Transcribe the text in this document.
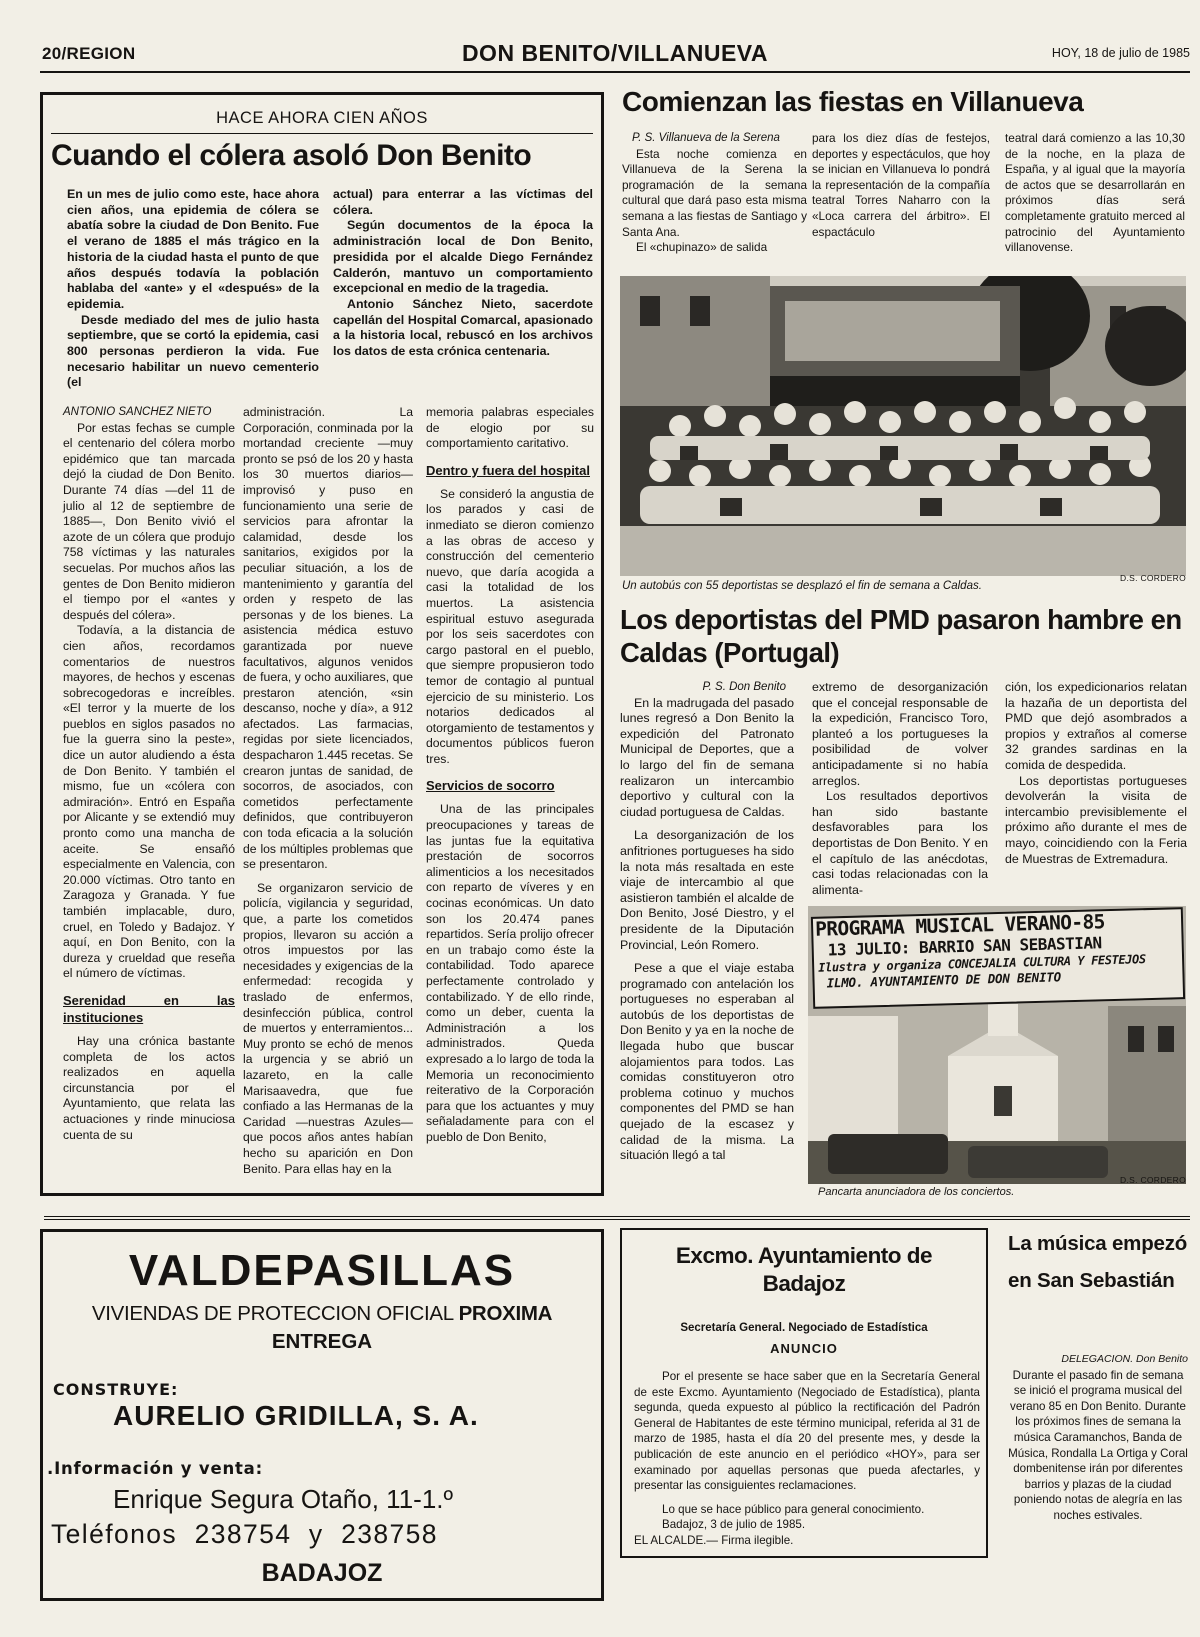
20/REGION	DON BENITO/VILLANUEVA	HOY, 18 de julio de 1985
HACE AHORA CIEN AÑOS
Cuando el cólera asoló Don Benito

En un mes de julio como este, hace ahora cien años, una epidemia de cólera se abatía sobre la ciudad de Don Benito. Fue el verano de 1885 el más trágico en la historia de la ciudad hasta el punto de que años después todavía la población hablaba del «ante» y el «después» de la epidemia.

Desde mediado del mes de julio hasta septiembre, que se cortó la epidemia, casi 800 personas perdieron la vida. Fue necesario habilitar un nuevo cementerio (el

actual) para enterrar a las víctimas del cólera.

Según documentos de la época la administración local de Don Benito, presidida por el alcalde Diego Fernández Calderón, mantuvo un comportamiento excepcional en medio de la tragedia.

Antonio Sánchez Nieto, sacerdote capellán del Hospital Comarcal, apasionado a la historia local, rebuscó en los archivos los datos de esta crónica centenaria.

ANTONIO SANCHEZ NIETO

Por estas fechas se cumple el centenario del cólera morbo epidémico que tan marcada dejó la ciudad de Don Benito. Durante 74 días —del 11 de julio al 12 de septiembre de 1885—, Don Benito vivió el azote de un cólera que produjo 758 víctimas y las naturales secuelas. Por muchos años las gentes de Don Benito midieron el tiempo por el «antes y después del cólera».

Todavía, a la distancia de cien años, recordamos comentarios de nuestros mayores, de hechos y escenas sobrecogedoras e increíbles. «El terror y la muerte de los pueblos en siglos pasados no fue la guerra sino la peste», dice un autor aludiendo a ésta de Don Benito. Y también el mismo, fue un «cólera con admiración». Entró en España por Alicante y se extendió muy pronto como una mancha de aceite. Se ensañó especialmente en Valencia, con 20.000 víctimas. Otro tanto en Zaragoza y Granada. Y fue también implacable, duro, cruel, en Toledo y Badajoz. Y aquí, en Don Benito, con la dureza y crueldad que reseña el número de víctimas.

Serenidad en las instituciones

Hay una crónica bastante completa de los actos realizados en aquella circunstancia por el Ayuntamiento, que relata las actuaciones y rinde minuciosa cuenta de su

administración. La Corporación, conminada por la mortandad creciente —muy pronto se psó de los 20 y hasta los 30 muertos diarios— improvisó y puso en funcionamiento una serie de servicios para afrontar la calamidad, desde los sanitarios, exigidos por la peculiar situación, a los de mantenimiento y garantía del orden y respeto de las personas y de los bienes. La asistencia médica estuvo garantizada por nueve facultativos, algunos venidos de fuera, y ocho auxiliares, que prestaron atención, «sin descanso, noche y día», a 912 afectados. Las farmacias, regidas por siete licenciados, despacharon 1.445 recetas. Se crearon juntas de sanidad, de socorros, de asociados, con cometidos perfectamente definidos, que contribuyeron con toda eficacia a la solución de los múltiples problemas que se presentaron.

Se organizaron servicio de policía, vigilancia y seguridad, que, a parte los cometidos propios, llevaron su acción a otros impuestos por las necesidades y exigencias de la enfermedad: recogida y traslado de enfermos, desinfección pública, control de muertos y enterramientos... Muy pronto se echó de menos la urgencia y se abrió un lazareto, en la calle Marisaavedra, que fue confiado a las Hermanas de la Caridad —nuestras Azules— que pocos años antes habían hecho su aparición en Don Benito. Para ellas hay en la

memoria palabras especiales de elogio por su comportamiento caritativo.

Dentro y fuera del hospital

Se consideró la angustia de los parados y casi de inmediato se dieron comienzo a las obras de acceso y construcción del cementerio nuevo, que daría acogida a casi la totalidad de los muertos. La asistencia espiritual estuvo asegurada por los seis sacerdotes con cargo pastoral en el pueblo, que siempre propusieron todo temor de contagio al puntual ejercicio de su ministerio. Los notarios dedicados al otorgamiento de testamentos y documentos públicos fueron tres.

Servicios de socorro

Una de las principales preocupaciones y tareas de las juntas fue la equitativa prestación de socorros alimenticios a los necesitados con reparto de víveres y en cocinas económicas. Un dato son los 20.474 panes repartidos. Sería prolijo ofrecer en un trabajo como éste la contabilidad. Todo aparece perfectamente controlado y contabilizado. Y de ello rinde, como un deber, cuenta la Administración a los administrados. Queda expresado a lo largo de toda la Memoria un reconocimiento reiterativo de la Corporación para que los actuantes y muy señaladamente para con el pueblo de Don Benito,

Comienzan las fiestas en Villanueva

P. S. Villanueva de la Serena

Esta noche comienza en Villanueva de la Serena la programación de la semana cultural que dará paso esta misma semana a las fiestas de Santiago y Santa Ana.

El «chupinazo» de salida

para los diez días de festejos, deportes y espectáculos, que hoy se inician en Villanueva lo pondrá la representación de la compañía teatral Torres Naharro con la «Loca carrera del árbitro». El espactáculo

teatral dará comienzo a las 10,30 de la noche, en la plaza de España, y al igual que la mayoría de actos que se desarrollarán en próximos días será completamente gratuito merced al patrocinio del Ayuntamiento villanovense.

Un autobús con 55 deportistas se desplazó el fin de semana a Caldas.
D.S. CORDERO
Los deportistas del PMD pasaron hambre en Caldas (Portugal)

P. S. Don Benito

En la madrugada del pasado lunes regresó a Don Benito la expedición del Patronato Municipal de Deportes, que a lo largo del fin de semana realizaron un intercambio deportivo y cultural con la ciudad portuguesa de Caldas.

La desorganización de los anfitriones portugueses ha sido la nota más resaltada en este viaje de intercambio al que asistieron también el alcalde de Don Benito, José Diestro, y el presidente de la Diputación Provincial, León Romero.

Pese a que el viaje estaba programado con antelación los portugueses no esperaban al autobús de los deportistas de Don Benito y ya en la noche de llegada hubo que buscar alojamientos para todos. Las comidas constituyeron otro problema cotinuo y muchos componentes del PMD se han quejado de la escasez y calidad de la misma. La situación llegó a tal

extremo de desorganización que el concejal responsable de la expedición, Francisco Toro, planteó a los portugueses la posibilidad de volver anticipadamente si no había arreglos.

Los resultados deportivos han sido bastante desfavorables para los deportistas de Don Benito. Y en el capítulo de las anécdotas, casi todas relacionadas con la alimenta-

ción, los expedicionarios relatan la hazaña de un deportista del PMD que dejó asombrados a propios y extraños al comerse 32 grandes sardinas en la comida de despedida.

Los deportistas portugueses devolverán la visita de intercambio previsiblemente el próximo año durante el mes de mayo, coincidiendo con la Feria de Muestras de Extremadura.

PROGRAMA MUSICAL VERANO-85
13 JULIO: BARRIO SAN SEBASTIAN
Ilustra y organiza CONCEJALIA CULTURA Y FESTEJOS
ILMO. AYUNTAMIENTO DE DON BENITO
Pancarta anunciadora de los conciertos.
D.S. CORDERO
VALDEPASILLAS
VIVIENDAS DE PROTECCION OFICIAL PROXIMA
ENTREGA
CONSTRUYE:
AURELIO GRIDILLA, S. A.
.Información y venta:
Enrique Segura Otaño, 11-1.º
Teléfonos  238754  y  238758
BADAJOZ
Excmo. Ayuntamiento de
Badajoz
Secretaría General. Negociado de Estadística
ANUNCIO

Por el presente se hace saber que en la Secretaría General de este Excmo. Ayuntamiento (Negociado de Estadística), planta segunda, queda expuesto al público la rectificación del Padrón General de Habitantes de este término municipal, referida al 31 de marzo de 1985, hasta el día 20 del presente mes, y desde la publicación de este anuncio en el periódico «HOY», para ser examinado por aquellas personas que pueda afectarles, y presentar las consiguientes reclamaciones.

Lo que se hace público para general conocimiento.

Badajoz, 3 de julio de 1985.

EL ALCALDE.— Firma ilegible.

La música empezó en San Sebastián

DELEGACION. Don Benito

Durante el pasado fin de semana se inició el programa musical del verano 85 en Don Benito. Durante los próximos fines de semana la música Caramanchos, Banda de Música, Rondalla La Ortiga y Coral dombenitense irán por diferentes barrios y plazas de la ciudad poniendo notas de alegría en las noches estivales.
